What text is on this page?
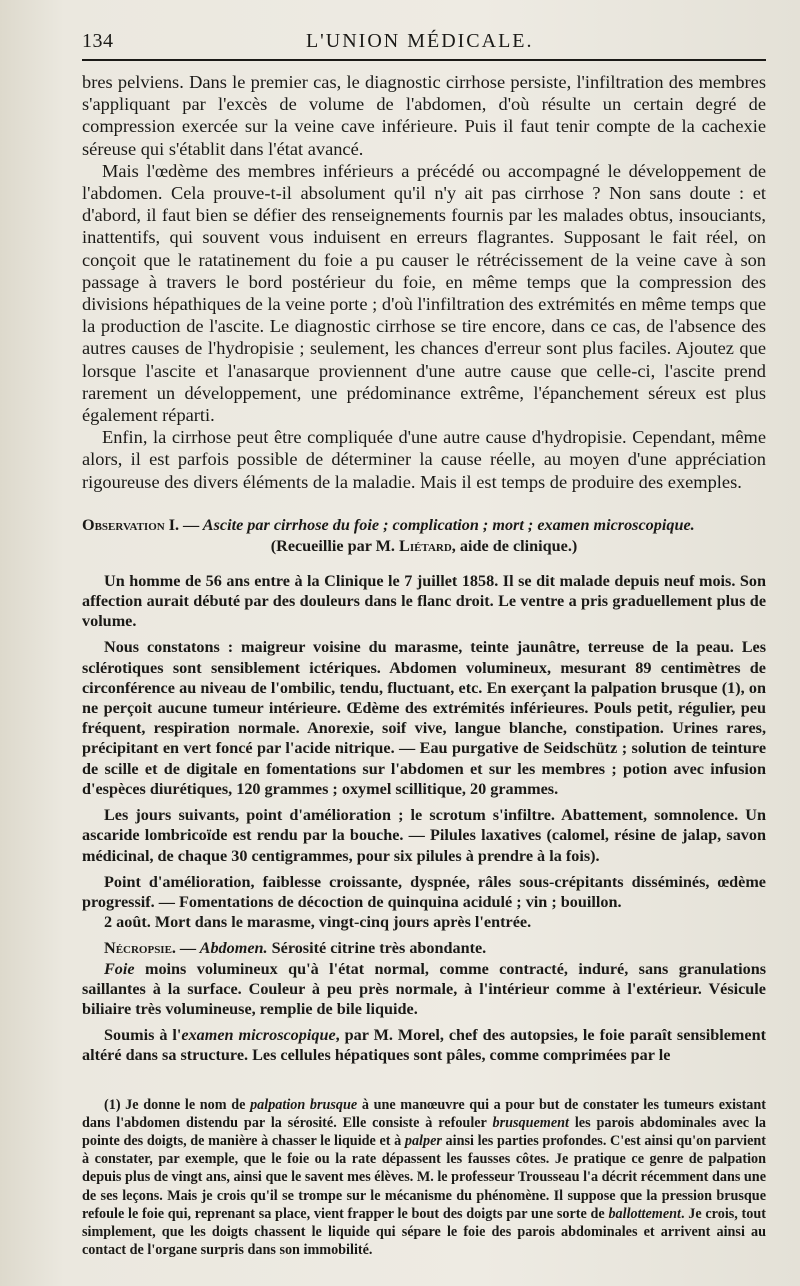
134	L'UNION MÉDICALE.

bres pelviens. Dans le premier cas, le diagnostic cirrhose persiste, l'infiltration des membres s'appliquant par l'excès de volume de l'abdomen, d'où résulte un certain degré de compression exercée sur la veine cave inférieure. Puis il faut tenir compte de la cachexie séreuse qui s'établit dans l'état avancé.

Mais l'œdème des membres inférieurs a précédé ou accompagné le développement de l'abdomen. Cela prouve-t-il absolument qu'il n'y ait pas cirrhose ? Non sans doute : et d'abord, il faut bien se défier des renseignements fournis par les malades obtus, insouciants, inattentifs, qui souvent vous induisent en erreurs flagrantes. Supposant le fait réel, on conçoit que le ratatinement du foie a pu causer le rétrécissement de la veine cave à son passage à travers le bord postérieur du foie, en même temps que la compression des divisions hépathiques de la veine porte ; d'où l'infiltration des extrémités en même temps que la production de l'ascite. Le diagnostic cirrhose se tire encore, dans ce cas, de l'absence des autres causes de l'hydropisie ; seulement, les chances d'erreur sont plus faciles. Ajoutez que lorsque l'ascite et l'anasarque proviennent d'une autre cause que celle-ci, l'ascite prend rarement un développement, une prédominance extrême, l'épanchement séreux est plus également réparti.

Enfin, la cirrhose peut être compliquée d'une autre cause d'hydropisie. Cependant, même alors, il est parfois possible de déterminer la cause réelle, au moyen d'une appréciation rigoureuse des divers éléments de la maladie. Mais il est temps de produire des exemples.

Observation I. — Ascite par cirrhose du foie ; complication ; mort ; examen microscopique.
(Recueillie par M. Liétard, aide de clinique.)

Un homme de 56 ans entre à la Clinique le 7 juillet 1858. Il se dit malade depuis neuf mois. Son affection aurait débuté par des douleurs dans le flanc droit. Le ventre a pris graduellement plus de volume.

Nous constatons : maigreur voisine du marasme, teinte jaunâtre, terreuse de la peau. Les sclérotiques sont sensiblement ictériques. Abdomen volumineux, mesurant 89 centimètres de circonférence au niveau de l'ombilic, tendu, fluctuant, etc. En exerçant la palpation brusque (1), on ne perçoit aucune tumeur intérieure. Œdème des extrémités inférieures. Pouls petit, régulier, peu fréquent, respiration normale. Anorexie, soif vive, langue blanche, constipation. Urines rares, précipitant en vert foncé par l'acide nitrique. — Eau purgative de Seidschütz ; solution de teinture de scille et de digitale en fomentations sur l'abdomen et sur les membres ; potion avec infusion d'espèces diurétiques, 120 grammes ; oxymel scillitique, 20 grammes.

Les jours suivants, point d'amélioration ; le scrotum s'infiltre. Abattement, somnolence. Un ascaride lombricoïde est rendu par la bouche. — Pilules laxatives (calomel, résine de jalap, savon médicinal, de chaque 30 centigrammes, pour six pilules à prendre à la fois).

Point d'amélioration, faiblesse croissante, dyspnée, râles sous-crépitants disséminés, œdème progressif. — Fomentations de décoction de quinquina acidulé ; vin ; bouillon.

2 août. Mort dans le marasme, vingt-cinq jours après l'entrée.

Nécropsie. — Abdomen. Sérosité citrine très abondante.

Foie moins volumineux qu'à l'état normal, comme contracté, induré, sans granulations saillantes à la surface. Couleur à peu près normale, à l'intérieur comme à l'extérieur. Vésicule biliaire très volumineuse, remplie de bile liquide.

Soumis à l'examen microscopique, par M. Morel, chef des autopsies, le foie paraît sensiblement altéré dans sa structure. Les cellules hépatiques sont pâles, comme comprimées par le

(1) Je donne le nom de palpation brusque à une manœuvre qui a pour but de constater les tumeurs existant dans l'abdomen distendu par la sérosité. Elle consiste à refouler brusquement les parois abdominales avec la pointe des doigts, de manière à chasser le liquide et à palper ainsi les parties profondes. C'est ainsi qu'on parvient à constater, par exemple, que le foie ou la rate dépassent les fausses côtes. Je pratique ce genre de palpation depuis plus de vingt ans, ainsi que le savent mes élèves. M. le professeur Trousseau l'a décrit récemment dans une de ses leçons. Mais je crois qu'il se trompe sur le mécanisme du phénomène. Il suppose que la pression brusque refoule le foie qui, reprenant sa place, vient frapper le bout des doigts par une sorte de ballottement. Je crois, tout simplement, que les doigts chassent le liquide qui sépare le foie des parois abdominales et arrivent ainsi au contact de l'organe surpris dans son immobilité.
